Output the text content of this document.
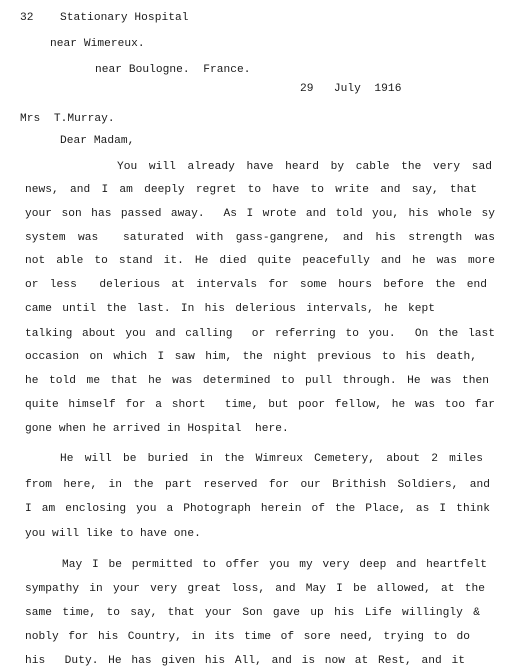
32 Stationary Hospital
near Wimereux.
near Boulogne.  France.
29   July  1916
Mrs  T.Murray.
Dear Madam,
You will already have heard by cable the very sad
news, and I am deeply regret to have to write and say, that
your son has passed away.  As I wrote and told you, his whole sy
system was  saturated with gass-gangrene, and his strength was
not able to stand it. He died quite peacefully and he was more
or less  delerious at intervals for some hours before the end
came until the last. In his delerious intervals, he kept
talking about you and calling  or referring to you.  On the last
occasion on which I saw him, the night previous to his death,
he told me that he was determined to pull through. He was then
quite himself for a short  time, but poor fellow, he was too far
gone when he arrived in Hospital  here.
He will be buried in the Wimreux Cemetery, about 2 miles
from here, in the part reserved for our Brithish Soldiers, and
I am enclosing you a Photograph herein of the Place, as I think
you will like to have one.
May I be permitted to offer you my very deep and heartfelt
sympathy in your very great loss, and May I be allowed, at the
same time, to say, that your Son gave up his Life willingly &
nobly for his Country, in its time of sore need, trying to do
his  Duty. He has given his All, and is now at Rest, and it
